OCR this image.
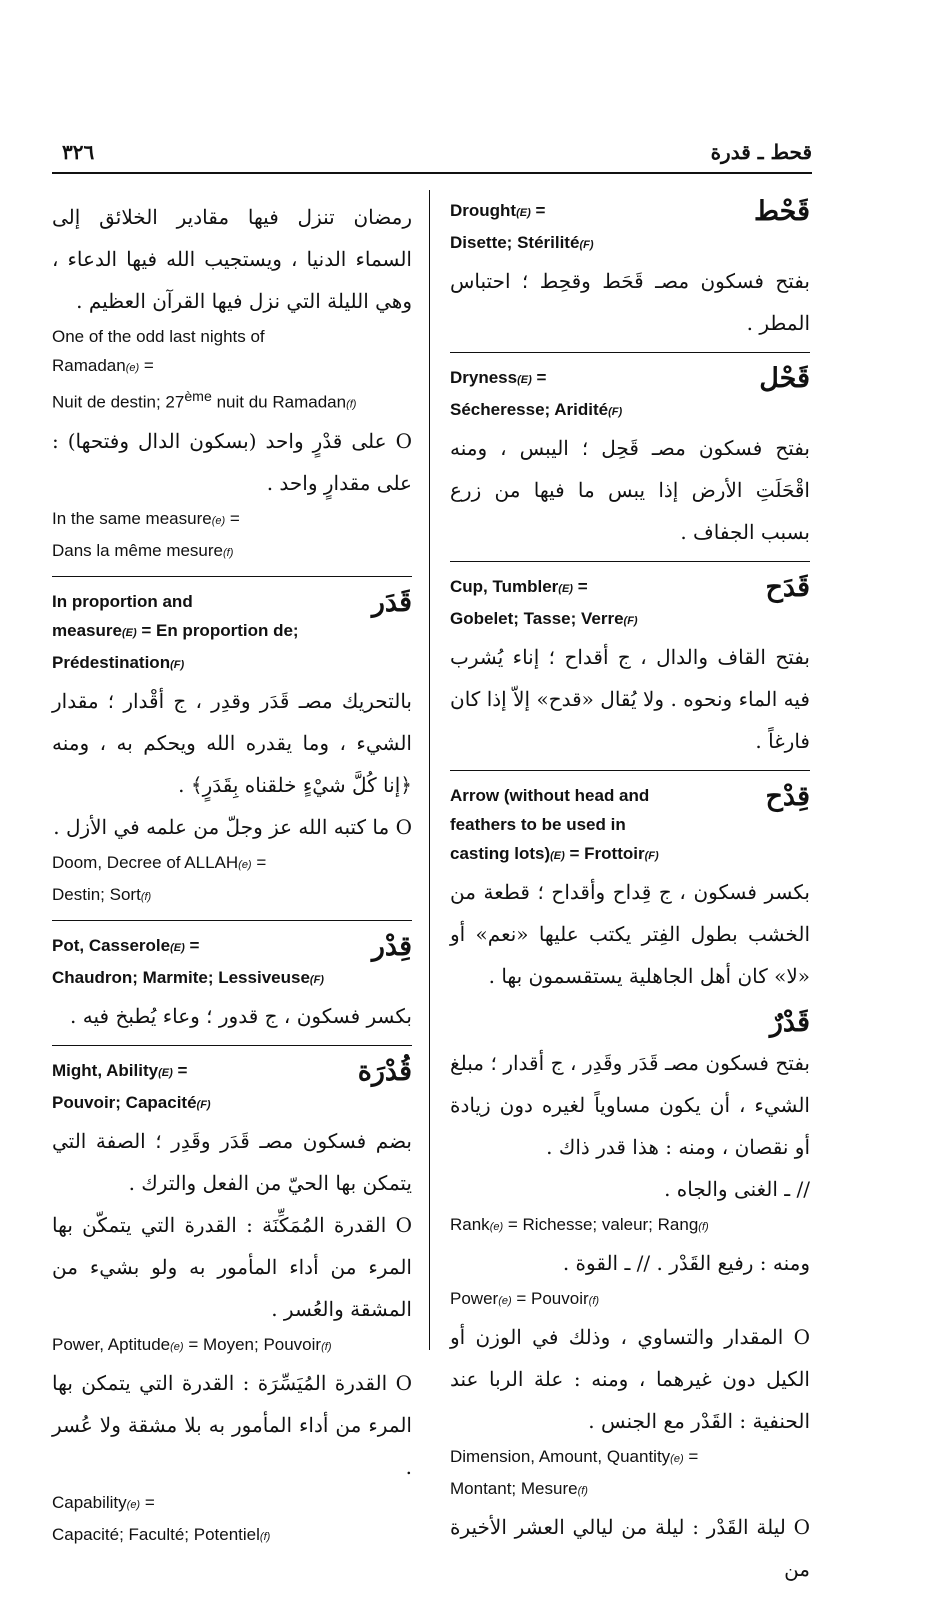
٣٢٦	قحط ـ قدرة
قَحْط

Drought(E) =

Disette; Stérilité(F)

بفتح فسكون مصـ قَحَط وقحِط ؛ احتباس المطر .

قَحْل

Dryness(E) =

Sécheresse; Aridité(F)

بفتح فسكون مصـ قَحِل ؛ اليبس ، ومنه اقْحَلَتِ الأرض إذا يبس ما فيها من زرع بسبب الجفاف .

قَدَح

Cup, Tumbler(E) =

Gobelet; Tasse; Verre(F)

بفتح القاف والدال ، ج أقداح ؛ إناء يُشرب فيه الماء ونحوه . ولا يُقال «قدح» إلاّ إذا كان فارغاً .

قِدْح

Arrow (without head and

feathers to be used in

casting lots)(E) = Frottoir(F)

بكسر فسكون ، ج قِداح وأقداح ؛ قطعة من الخشب بطول الفِتر يكتب عليها «نعم» أو «لا» كان أهل الجاهلية يستقسمون بها .

قَدْرٌ

بفتح فسكون مصـ قَدَر وقَدِر ، ج أقدار ؛ مبلغ الشيء ، أن يكون مساوياً لغيره دون زيادة أو نقصان ، ومنه : هذا قدر ذاك .

// ـ الغنى والجاه .

Rank(e) = Richesse; valeur; Rang(f)

ومنه : رفيع القَدْر . // ـ القوة .

Power(e) = Pouvoir(f)

O المقدار والتساوي ، وذلك في الوزن أو الكيل دون غيرهما ، ومنه : علة الربا عند الحنفية : القَدْر مع الجنس .

Dimension, Amount, Quantity(e) =

Montant; Mesure(f)

O ليلة القَدْر : ليلة من ليالي العشر الأخيرة من

رمضان تنزل فيها مقادير الخلائق إلى السماء الدنيا ، ويستجيب الله فيها الدعاء ، وهي الليلة التي نزل فيها القرآن العظيم .

One of the odd last nights of

Ramadan(e) =

Nuit de destin; 27ème nuit du Ramadan(f)

O على قدْرٍ واحد (بسكون الدال وفتحها) : على مقدارٍ واحد .

In the same measure(e) =

Dans la même mesure(f)

قَدَر

In proportion and

measure(E) = En proportion de;

Prédestination(F)

بالتحريك مصـ قَدَر وقدِر ، ج أقْدار ؛ مقدار الشيء ، وما يقدره الله ويحكم به ، ومنه ﴿إنا كُلَّ شيْءٍ خلقناه بِقَدَرٍ﴾ .

O ما كتبه الله عز وجلّ من علمه في الأزل .

Doom, Decree of ALLAH(e) =

Destin; Sort(f)

قِدْر

Pot, Casserole(E) =

Chaudron; Marmite; Lessiveuse(F)

بكسر فسكون ، ج قدور ؛ وعاء يُطبخ فيه .

قُدْرَة

Might, Ability(E) =

Pouvoir; Capacité(F)

بضم فسكون مصـ قَدَر وقَدِر ؛ الصفة التي يتمكن بها الحيّ من الفعل والترك .

O القدرة المُمَكِّنَة : القدرة التي يتمكّن بها المرء من أداء المأمور به ولو بشيء من المشقة والعُسر .

Power, Aptitude(e) = Moyen; Pouvoir(f)

O القدرة المُيَسِّرَة : القدرة التي يتمكن بها المرء من أداء المأمور به بلا مشقة ولا عُسر .

Capability(e) =

Capacité; Faculté; Potentiel(f)
